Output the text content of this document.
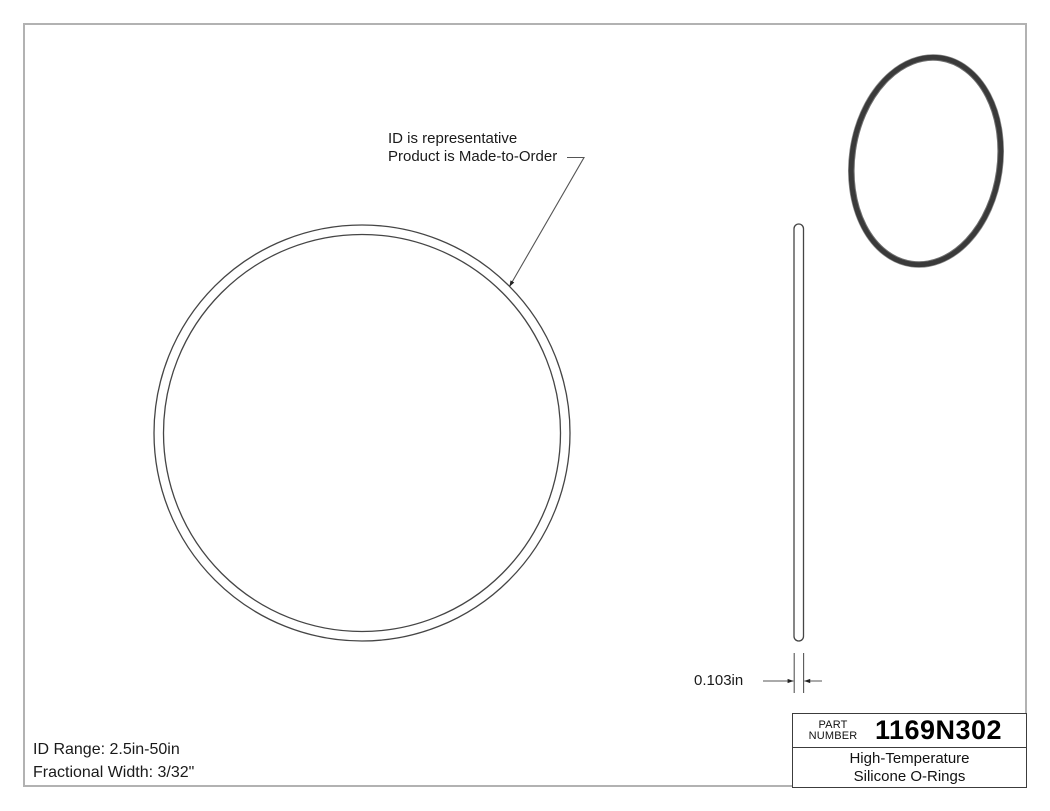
ID is representative
Product is Made-to-Order
0.103in
ID Range: 2.5in-50in
Fractional Width: 3/32"
PART
NUMBER 1169N302
High-Temperature
Silicone O-Rings
